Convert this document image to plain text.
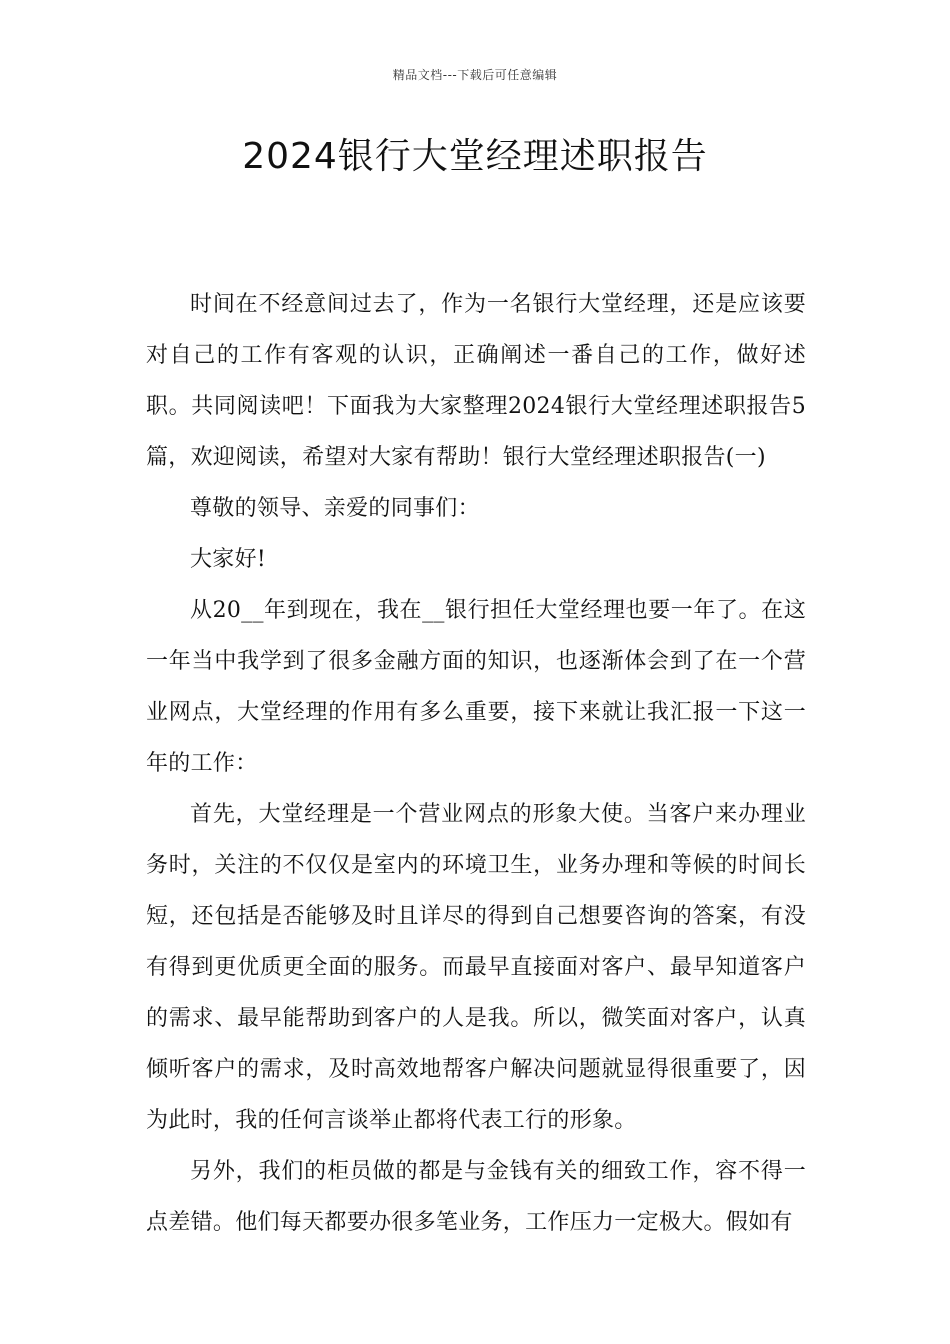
精品文档---下载后可任意编辑
2024银行大堂经理述职报告

时间在不经意间过去了，作为一名银行大堂经理，还是应该要对自己的工作有客观的认识，正确阐述一番自己的工作，做好述职。共同阅读吧！下面我为大家整理2024银行大堂经理述职报告5篇，欢迎阅读，希望对大家有帮助！银行大堂经理述职报告(一)

尊敬的领导、亲爱的同事们：

大家好!

从20__年到现在，我在__银行担任大堂经理也要一年了。在这一年当中我学到了很多金融方面的知识，也逐渐体会到了在一个营业网点，大堂经理的作用有多么重要，接下来就让我汇报一下这一年的工作：

首先，大堂经理是一个营业网点的形象大使。当客户来办理业务时，关注的不仅仅是室内的环境卫生，业务办理和等候的时间长短，还包括是否能够及时且详尽的得到自己想要咨询的答案，有没有得到更优质更全面的服务。而最早直接面对客户、最早知道客户的需求、最早能帮助到客户的人是我。所以，微笑面对客户，认真倾听客户的需求，及时高效地帮客户解决问题就显得很重要了，因为此时，我的任何言谈举止都将代表工行的形象。

另外，我们的柜员做的都是与金钱有关的细致工作，容不得一点差错。他们每天都要办很多笔业务，工作压力一定极大。假如有
